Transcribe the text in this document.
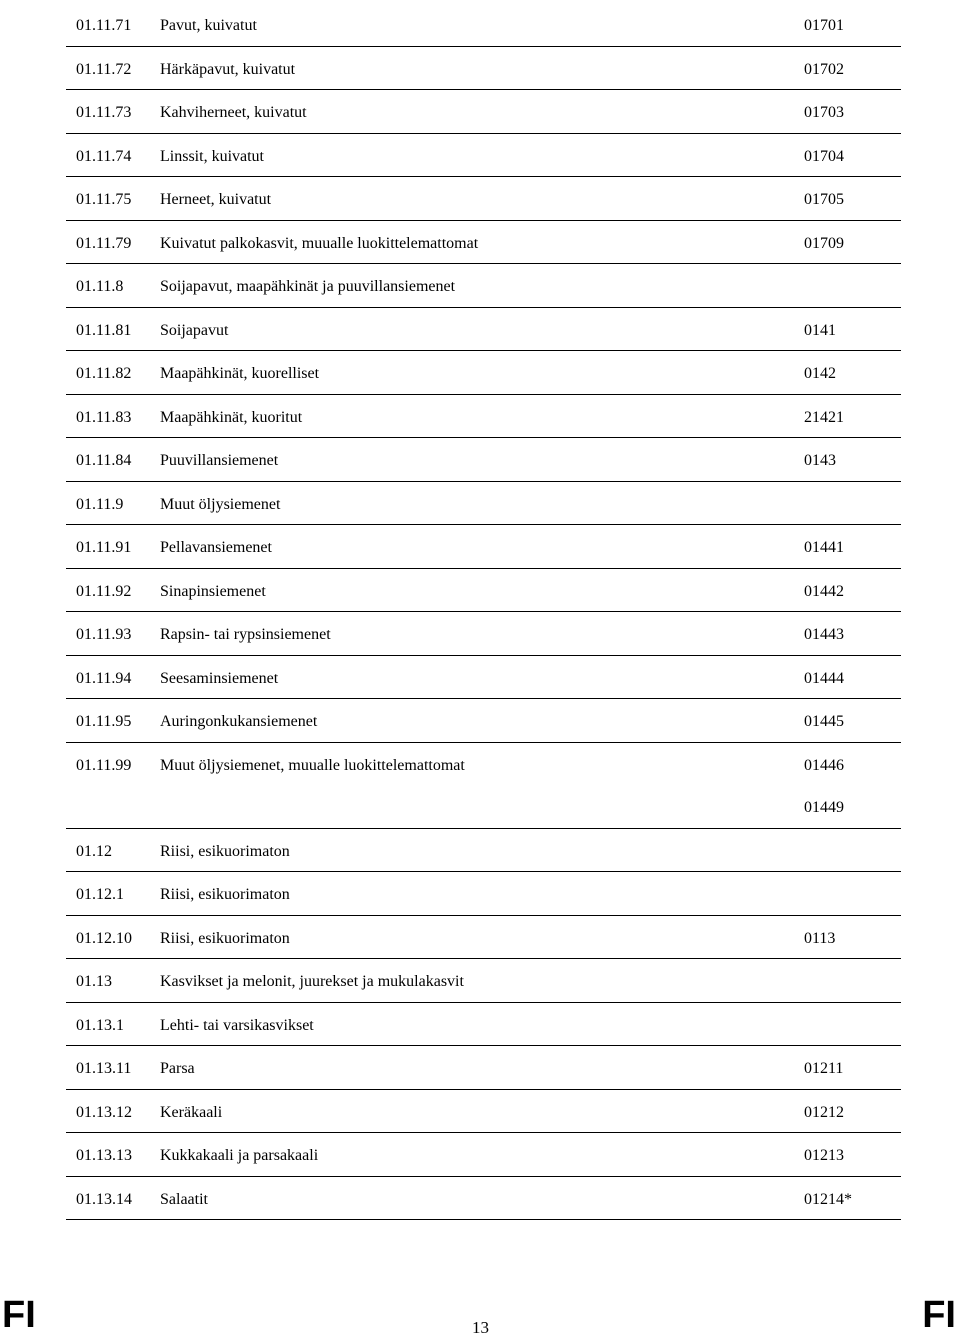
01.11.71 Pavut, kuivatut	01701
01.11.72 Härkäpavut, kuivatut	01702
01.11.73 Kahviherneet, kuivatut	01703
01.11.74 Linssit, kuivatut	01704
01.11.75 Herneet, kuivatut	01705
01.11.79 Kuivatut palkokasvit, muualle luokittelemattomat	01709
01.11.8 Soijapavut, maapähkinät ja puuvillansiemenet
01.11.81 Soijapavut	0141
01.11.82 Maapähkinät, kuorelliset	0142
01.11.83 Maapähkinät, kuoritut	21421
01.11.84 Puuvillansiemenet	0143
01.11.9 Muut öljysiemenet
01.11.91 Pellavansiemenet	01441
01.11.92 Sinapinsiemenet	01442
01.11.93 Rapsin- tai rypsinsiemenet	01443
01.11.94 Seesaminsiemenet	01444
01.11.95 Auringonkukansiemenet	01445
01.11.99 Muut öljysiemenet, muualle luokittelemattomat	01446
01449
01.12	Riisi, esikuorimaton
01.12.1 Riisi, esikuorimaton
01.12.10 Riisi, esikuorimaton	0113
01.13	Kasvikset ja melonit, juurekset ja mukulakasvit
01.13.1 Lehti- tai varsikasvikset
01.13.11 Parsa	01211
01.13.12 Keräkaali	01212
01.13.13 Kukkakaali ja parsakaali	01213
01.13.14 Salaatit	01214*
FI	13	FI
